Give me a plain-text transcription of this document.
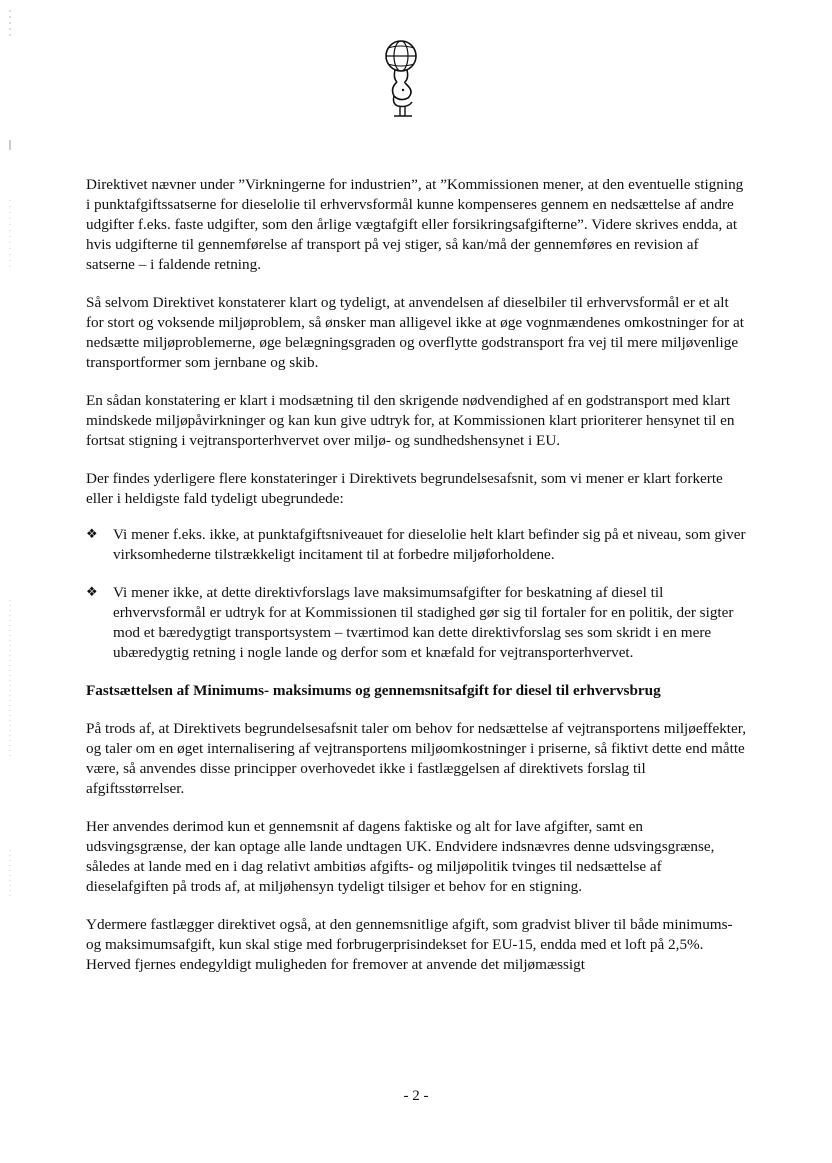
Direktivet nævner under ”Virkningerne for industrien”, at ”Kommissionen mener, at den eventuelle stigning i punktafgiftssatserne for dieselolie til erhvervsformål kunne kompenseres gennem en nedsættelse af andre udgifter f.eks. faste udgifter, som den årlige vægtafgift eller forsikringsafgifterne”. Videre skrives endda, at hvis udgifterne til gennemførelse af transport på vej stiger, så kan/må der gennemføres en revision af satserne – i faldende retning.

Så selvom Direktivet konstaterer klart og tydeligt, at anvendelsen af dieselbiler til erhvervsformål er et alt for stort og voksende miljøproblem, så ønsker man alligevel ikke at øge vognmændenes omkostninger for at nedsætte miljøproblemerne, øge belægningsgraden og overflytte godstransport fra vej til mere miljøvenlige transportformer som jernbane og skib.

En sådan konstatering er klart i modsætning til den skrigende nødvendighed af en godstransport med klart mindskede miljøpåvirkninger og kan kun give udtryk for, at Kommissionen klart prioriterer hensynet til en fortsat stigning i vejtransporterhvervet over miljø- og sundhedshensynet i EU.

Der findes yderligere flere konstateringer i Direktivets begrundelsesafsnit, som vi mener er klart forkerte eller i heldigste fald tydeligt ubegrundede:

❖ Vi mener f.eks. ikke, at punktafgiftsniveauet for dieselolie helt klart befinder sig på et niveau, som giver virksomhederne tilstrækkeligt incitament til at forbedre miljøforholdene.
❖ Vi mener ikke, at dette direktivforslags lave maksimumsafgifter for beskatning af diesel til erhvervsformål er udtryk for at Kommissionen til stadighed gør sig til fortaler for en politik, der sigter mod et bæredygtigt transportsystem – tværtimod kan dette direktivforslag ses som skridt i en mere ubæredygtig retning i nogle lande og derfor som et knæfald for vejtransporterhvervet.

Fastsættelsen af Minimums- maksimums og gennemsnitsafgift for diesel til erhvervsbrug

På trods af, at Direktivets begrundelsesafsnit taler om behov for nedsættelse af vejtransportens miljøeffekter, og taler om en øget internalisering af vejtransportens miljøomkostninger i priserne, så fiktivt dette end måtte være, så anvendes disse principper overhovedet ikke i fastlæggelsen af direktivets forslag til afgiftsstørrelser.

Her anvendes derimod kun et gennemsnit af dagens faktiske og alt for lave afgifter, samt en udsvingsgrænse, der kan optage alle lande undtagen UK. Endvidere indsnævres denne udsvingsgrænse, således at lande med en i dag relativt ambitiøs afgifts- og miljøpolitik tvinges til nedsættelse af dieselafgiften på trods af, at miljøhensyn tydeligt tilsiger et behov for en stigning.

Ydermere fastlægger direktivet også, at den gennemsnitlige afgift, som gradvist bliver til både minimums- og maksimumsafgift, kun skal stige med forbrugerprisindekset for EU-15, endda med et loft på 2,5%. Herved fjernes endegyldigt muligheden for fremover at anvende det miljømæssigt

- 2 -
